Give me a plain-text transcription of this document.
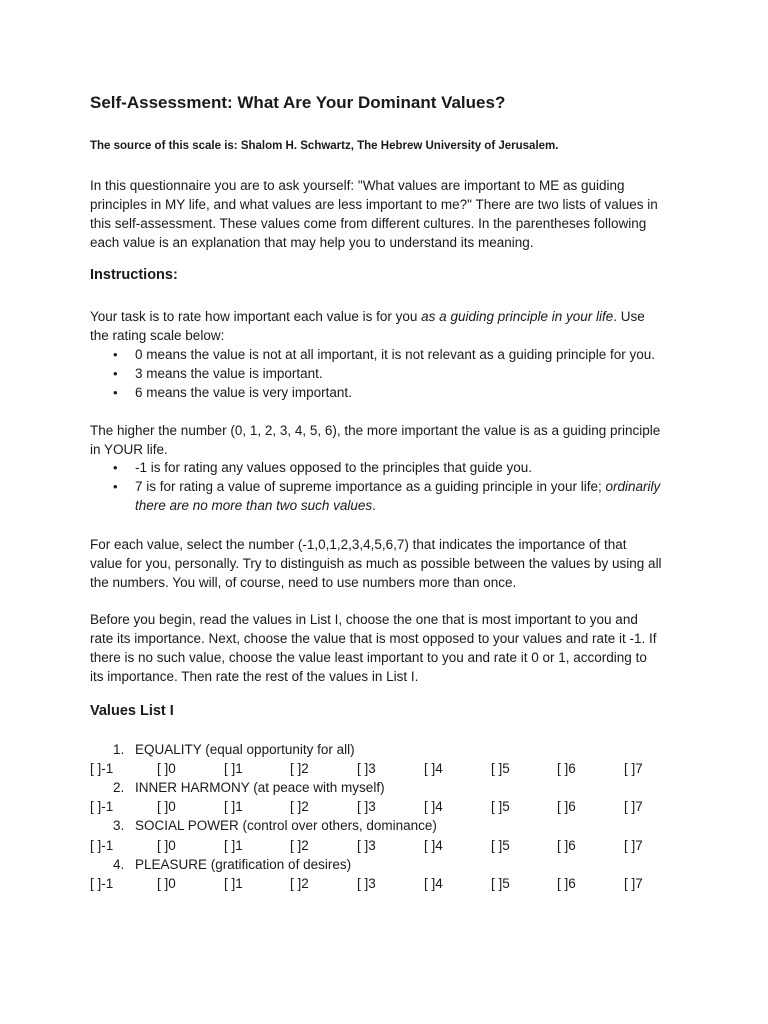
Self-Assessment: What Are Your Dominant Values?

The source of this scale is: Shalom H. Schwartz, The Hebrew University of Jerusalem.

In this questionnaire you are to ask yourself: "What values are important to ME as guiding
principles in MY life, and what values are less important to me?" There are two lists of values in
this self-assessment. These values come from different cultures. In the parentheses following
each value is an explanation that may help you to understand its meaning.

Instructions:

Your task is to rate how important each value is for you as a guiding principle in your life. Use
the rating scale below:

• 0 means the value is not at all important, it is not relevant as a guiding principle for you.
• 3 means the value is important.
• 6 means the value is very important.

The higher the number (0, 1, 2, 3, 4, 5, 6), the more important the value is as a guiding principle
in YOUR life.

• -1 is for rating any values opposed to the principles that guide you.
• 7 is for rating a value of supreme importance as a guiding principle in your life; ordinarily
there are no more than two such values.

For each value, select the number (-1,0,1,2,3,4,5,6,7) that indicates the importance of that
value for you, personally. Try to distinguish as much as possible between the values by using all
the numbers. You will, of course, need to use numbers more than once.

Before you begin, read the values in List I, choose the one that is most important to you and
rate its importance. Next, choose the value that is most opposed to your values and rate it -1. If
there is no such value, choose the value least important to you and rate it 0 or 1, according to
its importance. Then rate the rest of the values in List I.

Values List I
1. EQUALITY (equal opportunity for all)
[ ]-1	[ ]0	[ ]1	[ ]2	[ ]3	[ ]4	[ ]5	[ ]6	[ ]7
2. INNER HARMONY (at peace with myself)
[ ]-1	[ ]0	[ ]1	[ ]2	[ ]3	[ ]4	[ ]5	[ ]6	[ ]7
3. SOCIAL POWER (control over others, dominance)
[ ]-1	[ ]0	[ ]1	[ ]2	[ ]3	[ ]4	[ ]5	[ ]6	[ ]7
4. PLEASURE (gratification of desires)
[ ]-1	[ ]0	[ ]1	[ ]2	[ ]3	[ ]4	[ ]5	[ ]6	[ ]7
